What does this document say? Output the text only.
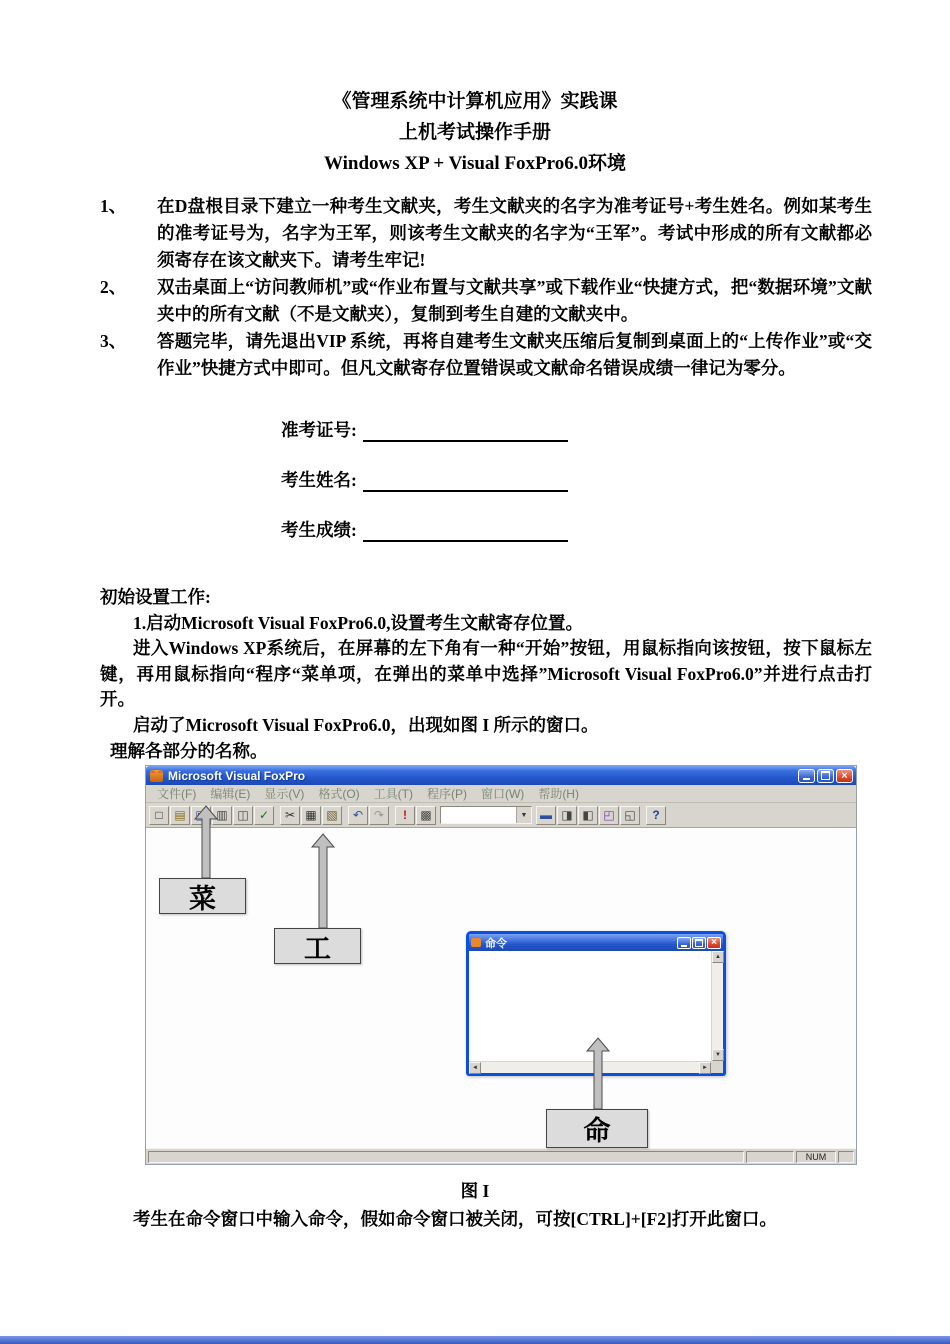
《管理系统中计算机应用》实践课
上机考试操作手册
Windows XP + Visual FoxPro6.0环境
1、	在D盘根目录下建立一种考生文献夹，考生文献夹的名字为准考证号+考生姓名。例如某考生的准考证号为，名字为王军，则该考生文献夹的名字为“王军”。考试中形成的所有文献都必须寄存在该文献夹下。请考生牢记!
2、	双击桌面上“访问教师机”或“作业布置与文献共享”或下载作业“快捷方式，把“数据环境”文献夹中的所有文献（不是文献夹），复制到考生自建的文献夹中。
3、	答题完毕，请先退出VIP 系统，再将自建考生文献夹压缩后复制到桌面上的“上传作业”或“交作业”快捷方式中即可。但凡文献寄存位置错误或文献命名错误成绩一律记为零分。
准考证号:
考生姓名:
考生成绩:
初始设置工作:
1.启动Microsoft Visual FoxPro6.0,设置考生文献寄存位置。
进入Windows XP系统后，在屏幕的左下角有一种“开始”按钮，用鼠标指向该按钮，按下鼠标左键，再用鼠标指向“程序“菜单项，在弹出的菜单中选择”Microsoft Visual FoxPro6.0”并进行点击打开。
启动了Microsoft Visual FoxPro6.0，出现如图 I 所示的窗口。
理解各部分的名称。
Microsoft Visual FoxPro
×
文件(F)	编辑(E)	显示(V)	格式(O)	工具(T)	程序(P)	窗口(W)	帮助(H)
□
▤
▣
▥
◫
✓
✂
▦
▧
↶
↷
!
▩
▼
▬
◨
◧
◰
◱
?
命令
×
▲
▼
◄	►
菜
工
命
NUM
图 I
考生在命令窗口中输入命令，假如命令窗口被关闭，可按[CTRL]+[F2]打开此窗口。
